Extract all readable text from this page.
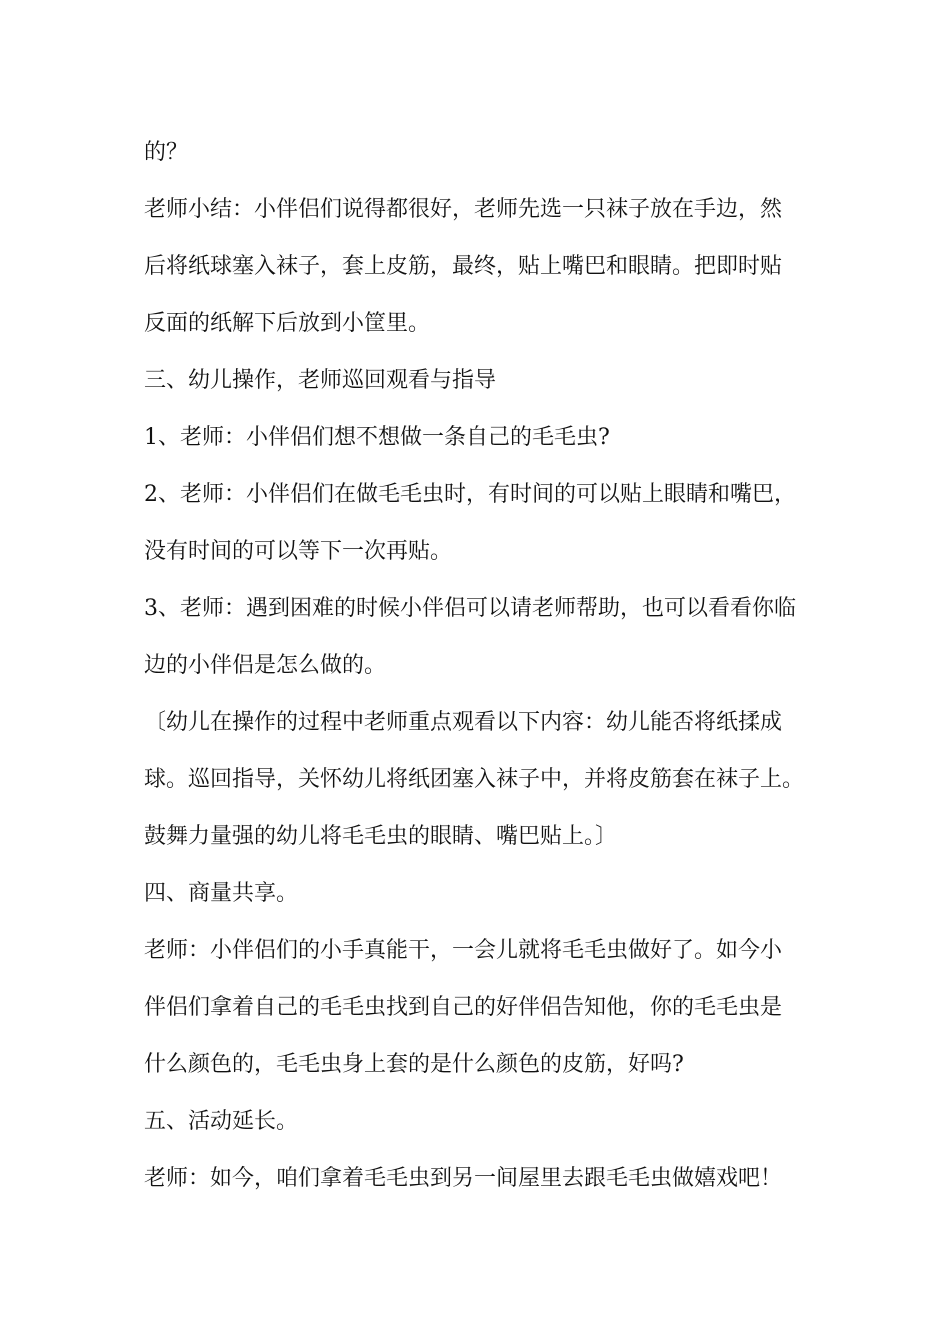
的？
老师小结：小伴侣们说得都很好，老师先选一只袜子放在手边，然
后将纸球塞入袜子，套上皮筋，最终，贴上嘴巴和眼睛。把即时贴
反面的纸解下后放到小筐里。
三、幼儿操作，老师巡回观看与指导
1、老师：小伴侣们想不想做一条自己的毛毛虫?
2、老师：小伴侣们在做毛毛虫时，有时间的可以贴上眼睛和嘴巴，
没有时间的可以等下一次再贴。
3、老师：遇到困难的时候小伴侣可以请老师帮助，也可以看看你临
边的小伴侣是怎么做的。
〔幼儿在操作的过程中老师重点观看以下内容：幼儿能否将纸揉成
球。巡回指导，关怀幼儿将纸团塞入袜子中，并将皮筋套在袜子上。
鼓舞力量强的幼儿将毛毛虫的眼睛、嘴巴贴上。〕
四、商量共享。
老师：小伴侣们的小手真能干，一会儿就将毛毛虫做好了。如今小
伴侣们拿着自己的毛毛虫找到自己的好伴侣告知他，你的毛毛虫是
什么颜色的，毛毛虫身上套的是什么颜色的皮筋，好吗?
五、活动延长。
老师：如今，咱们拿着毛毛虫到另一间屋里去跟毛毛虫做嬉戏吧！
